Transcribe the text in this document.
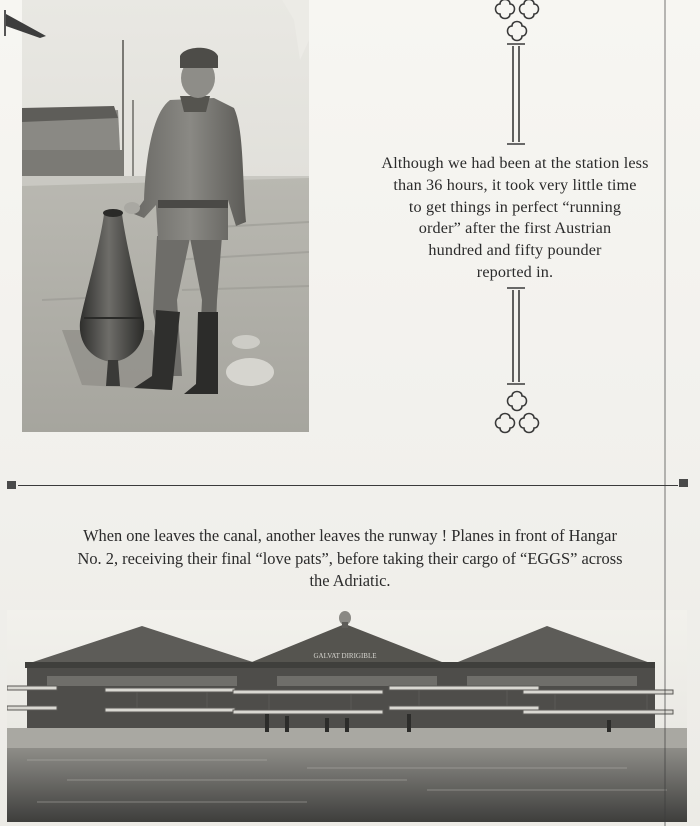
Although we had been at the station less
than 36 hours, it took very little time
to get things in perfect “running
order” after the first Austrian
hundred and fifty pounder
reported in.
When one leaves the canal, another leaves the runway ! Planes in front of Hangar
No. 2, receiving their final “love pats”, before taking their cargo of “EGGS” across
the Adriatic.
GALVAT DIRIGIBLE
